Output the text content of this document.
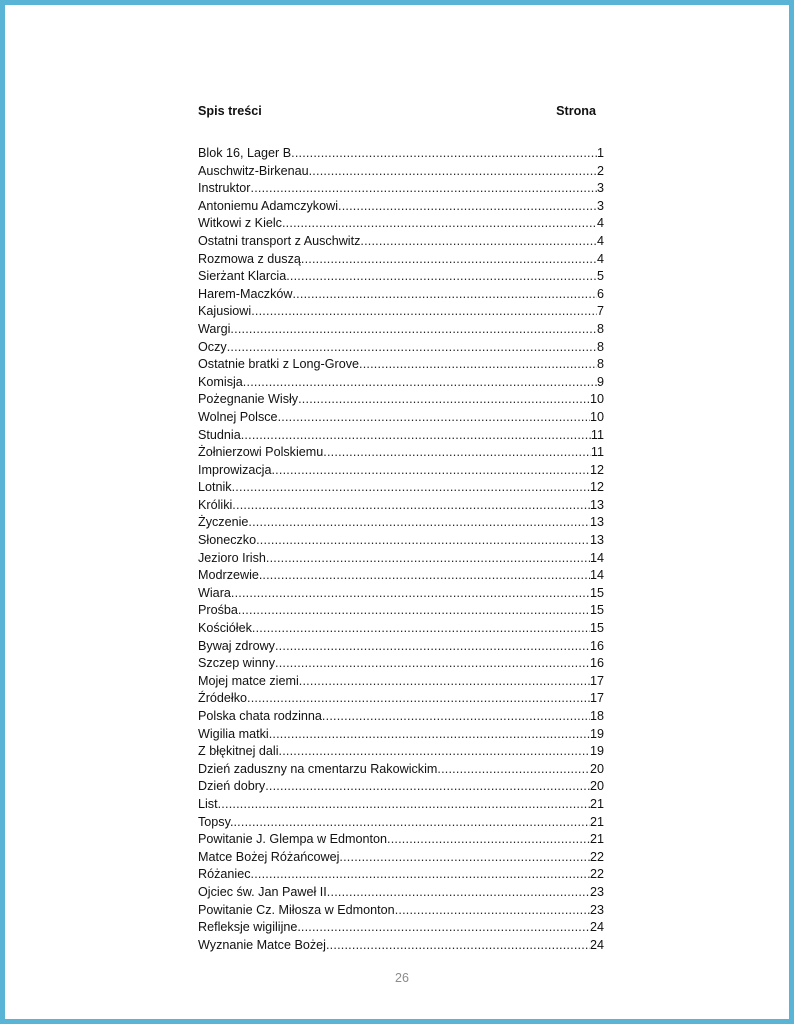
Spis treści	Strona
Blok 16, Lager B .....	1
Auschwitz-Birkenau .....	2
Instruktor .....	3
Antoniemu Adamczykowi .....	3
Witkowi z Kielc .....	4
Ostatni transport z Auschwitz .....	4
Rozmowa z duszą .....	4
Sierżant Klarcia .....	5
Harem-Maczków .....	6
Kajusiowi .....	7
Wargi .....	8
Oczy .....	8
Ostatnie bratki z Long-Grove .....	8
Komisja .....	9
Pożegnanie Wisły .....	10
Wolnej Polsce .....	10
Studnia .....	11
Żołnierzowi Polskiemu .....	11
Improwizacja .....	12
Lotnik .....	12
Króliki .....	13
Życzenie .....	13
Słoneczko .....	13
Jezioro Irish .....	14
Modrzewie. .....	14
Wiara .....	15
Prośba .....	15
Kościółek .....	15
Bywaj zdrowy .....	16
Szczep winny .....	16
Mojej matce ziemi .....	17
Źródełko .....	17
Polska chata rodzinna .....	18
Wigilia matki .....	19
Z błękitnej dali .....	19
Dzień zaduszny na cmentarzu Rakowickim .....	20
Dzień dobry .....	20
List .....	21
Topsy. .....	21
Powitanie J. Glempa w Edmonton .....	21
Matce Bożej Różańcowej .....	22
Różaniec .....	22
Ojciec św. Jan Paweł II .....	23
Powitanie Cz. Miłosza w Edmonton .....	23
Refleksje wigilijne. .....	24
Wyznanie Matce Bożej .....	24
26
